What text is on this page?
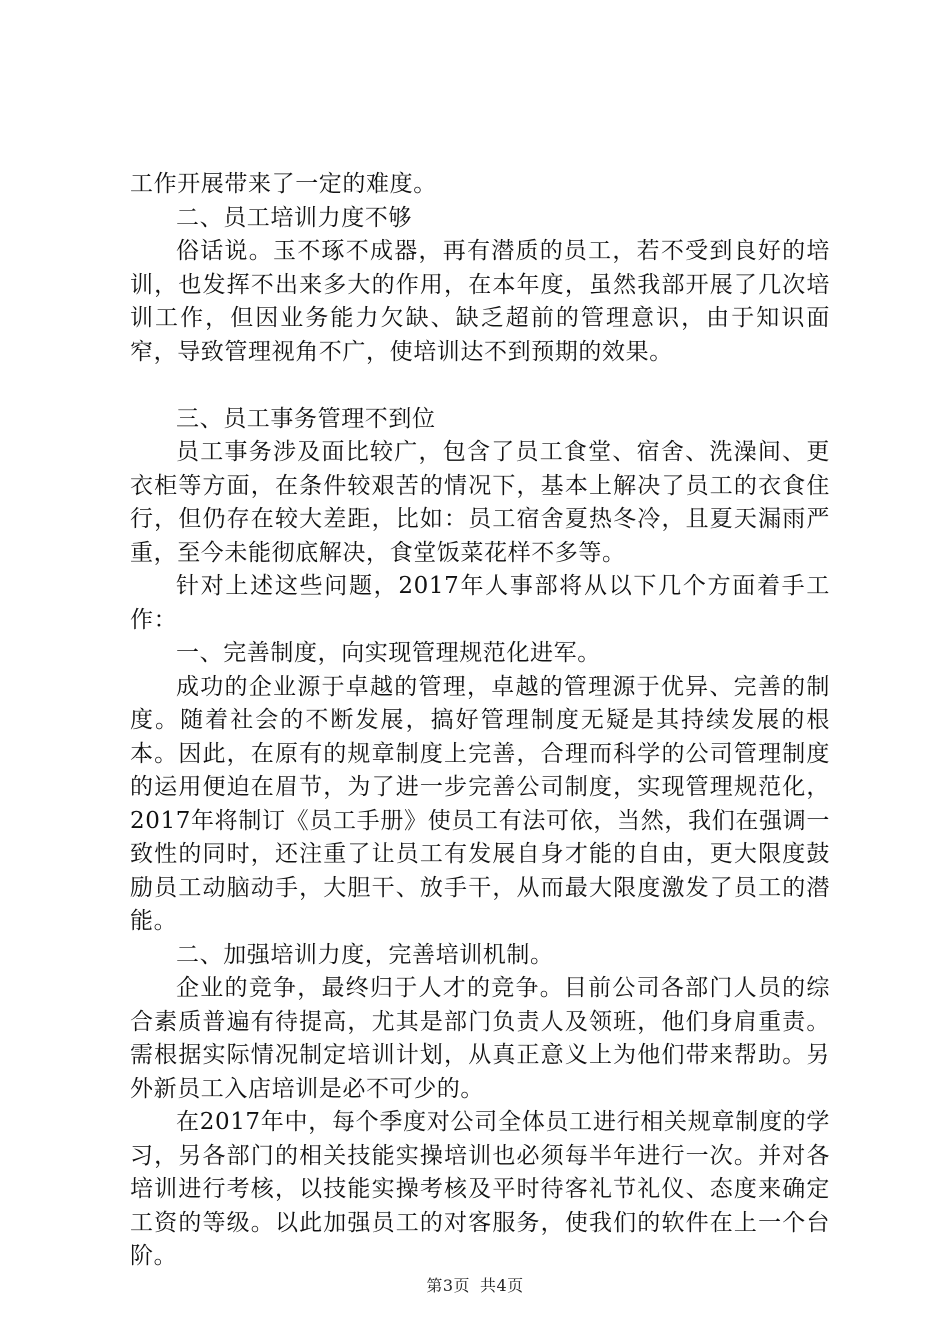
工作开展带来了一定的难度。

二、员工培训力度不够

俗话说。玉不琢不成器，再有潜质的员工，若不受到良好的培训，也发挥不出来多大的作用，在本年度，虽然我部开展了几次培训工作，但因业务能力欠缺、缺乏超前的管理意识，由于知识面窄，导致管理视角不广，使培训达不到预期的效果。

三、员工事务管理不到位

员工事务涉及面比较广，包含了员工食堂、宿舍、洗澡间、更衣柜等方面，在条件较艰苦的情况下，基本上解决了员工的衣食住行，但仍存在较大差距，比如：员工宿舍夏热冬冷，且夏天漏雨严重，至今未能彻底解决，食堂饭菜花样不多等。

针对上述这些问题，2017年人事部将从以下几个方面着手工作：

一、完善制度，向实现管理规范化进军。

成功的企业源于卓越的管理，卓越的管理源于优异、完善的制度。随着社会的不断发展，搞好管理制度无疑是其持续发展的根本。因此，在原有的规章制度上完善，合理而科学的公司管理制度的运用便迫在眉节，为了进一步完善公司制度，实现管理规范化，2017年将制订《员工手册》使员工有法可依，当然，我们在强调一致性的同时，还注重了让员工有发展自身才能的自由，更大限度鼓励员工动脑动手，大胆干、放手干，从而最大限度激发了员工的潜能。

二、加强培训力度，完善培训机制。

企业的竞争，最终归于人才的竞争。目前公司各部门人员的综合素质普遍有待提高，尤其是部门负责人及领班，他们身肩重责。需根据实际情况制定培训计划，从真正意义上为他们带来帮助。另外新员工入店培训是必不可少的。

在2017年中，每个季度对公司全体员工进行相关规章制度的学习，另各部门的相关技能实操培训也必须每半年进行一次。并对各培训进行考核，以技能实操考核及平时待客礼节礼仪、态度来确定工资的等级。以此加强员工的对客服务，使我们的软件在上一个台阶。

第3页 共4页
